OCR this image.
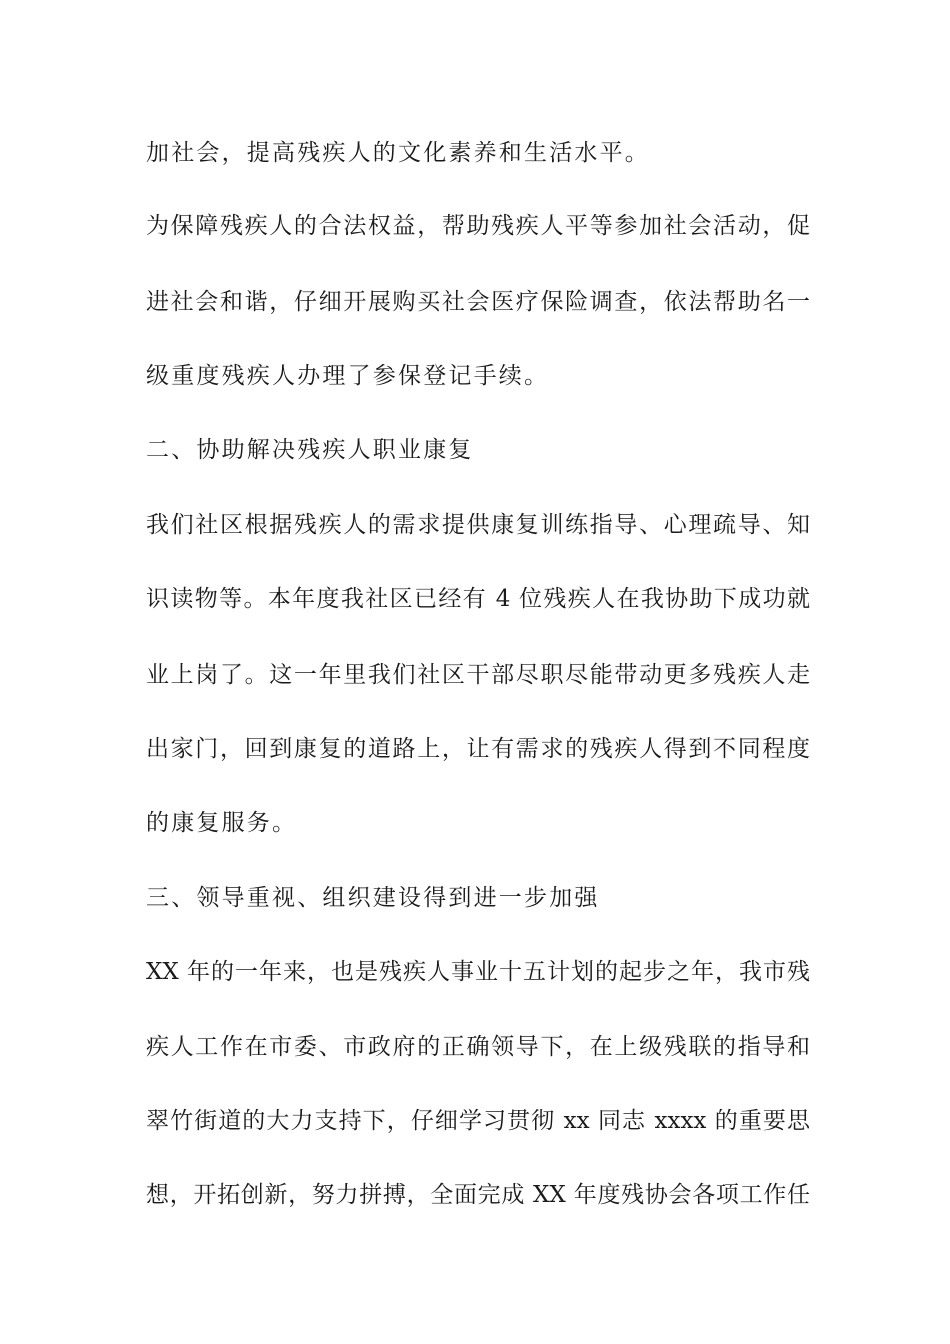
加社会，提高残疾人的文化素养和生活水平。
为保障残疾人的合法权益，帮助残疾人平等参加社会活动，促
进社会和谐，仔细开展购买社会医疗保险调查，依法帮助名一
级重度残疾人办理了参保登记手续。
二、协助解决残疾人职业康复
我们社区根据残疾人的需求提供康复训练指导、心理疏导、知
识读物等。本年度我社区已经有 4 位残疾人在我协助下成功就
业上岗了。这一年里我们社区干部尽职尽能带动更多残疾人走
出家门，回到康复的道路上，让有需求的残疾人得到不同程度
的康复服务。
三、领导重视、组织建设得到进一步加强
XX 年的一年来，也是残疾人事业十五计划的起步之年，我市残
疾人工作在市委、市政府的正确领导下，在上级残联的指导和
翠竹街道的大力支持下，仔细学习贯彻 xx 同志 xxxx 的重要思
想，开拓创新，努力拼搏，全面完成 XX 年度残协会各项工作任
